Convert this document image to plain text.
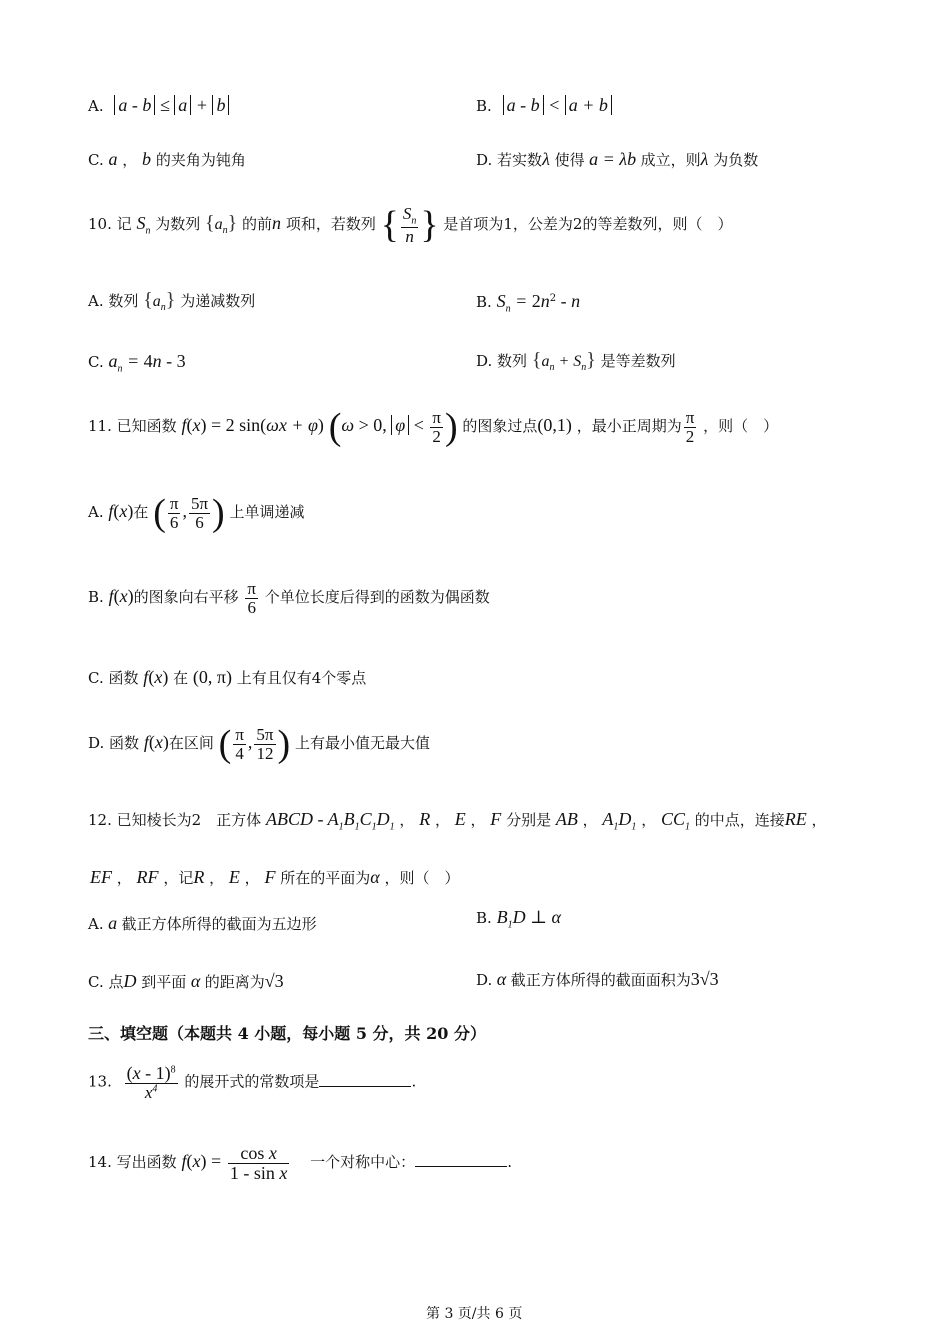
A. a - b ≤ a + b	B. a - b < a + b
C. a ， b 的夹角为钝角	D. 若实数λ 使得 a = λb 成立，则λ 为负数
10. 记 $S_n$ 为数列 $\{a_n\}$ 的前n 项和，若数列 { $\frac{S_n}{n}$ } 是首项为1，公差为2的等差数列，则（　）
A. 数列 $\{a_n\}$ 为递减数列	B. $S_n = 2n^2 - n$
C. $a_n = 4n - 3$	D. 数列 $\{a_n + S_n\}$ 是等差数列
11. 已知函数 f(x) = 2 sin(ωx + φ) (ω > 0, $\varphi < \frac{\pi}{2}$ ) 的图象过点(0,1) ，最小正周期为 $\frac{\pi}{2}$ ，则（　）
A. f(x)在 ( $\frac{\pi}{6}$ , $\frac{5\pi}{6}$ ) 上单调递减
B. f(x)的图象向右平移 $\frac{\pi}{6}$ 个单位长度后得到的函数为偶函数
C. 函数 f(x) 在 (0, π) 上有且仅有4个零点
D. 函数 f(x)在区间 ( $\frac{\pi}{4}$ , $\frac{5\pi}{12}$ ) 上有最小值无最大值
12. 已知棱长为2　正方体 ABCD - $A_1B_1C_1D_1$ ， R ， E ， F 分别是 AB ， $A_1D_1$ ， $CC_1$ 的中点，连接RE ，
EF ， RF ，记R ， E ， F 所在的平面为α ，则（　）
A. a 截正方体所得的截面为五边形	B. $B_1D$ ⊥ α
C. 点D 到平面 α 的距离为√3	D. α 截正方体所得的截面面积为3√3
三、填空题（本题共 4 小题，每小题 5 分，共 20 分）
13. $\frac{(x - 1)^8}{x^4}$ 的展开式的常数项是	.
14. 写出函数 $f(x) = \frac{\text{cos x}}{\text{1 - sin x}}$ 一个对称中心：	.
第 3 页/共 6 页
